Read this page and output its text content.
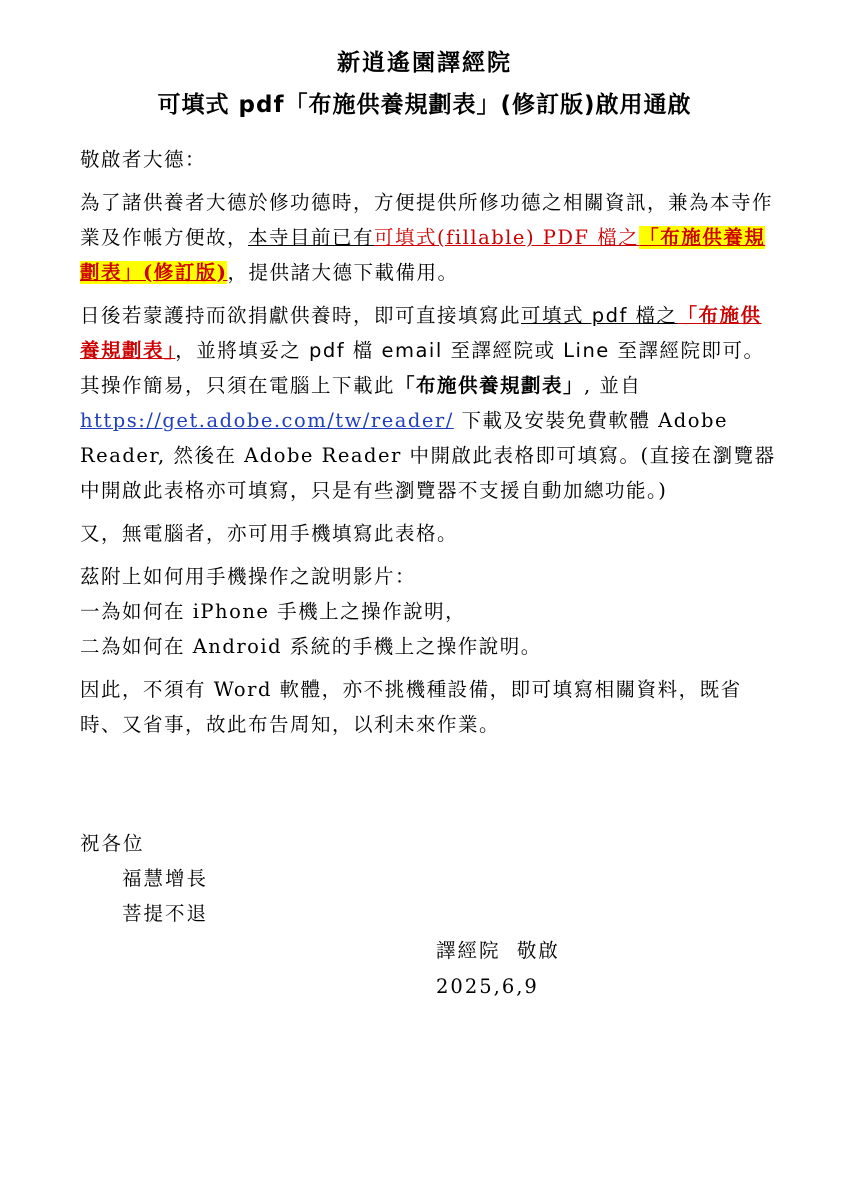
新逍遙園譯經院
可填式 pdf「布施供養規劃表」(修訂版)啟用通啟

敬啟者大德：

為了諸供養者大德於修功德時，方便提供所修功德之相關資訊，兼為本寺作業及作帳方便故，本寺目前已有可填式(fillable) PDF 檔之「布施供養規劃表」(修訂版)，提供諸大德下載備用。

日後若蒙護持而欲捐獻供養時，即可直接填寫此可填式 pdf 檔之「布施供養規劃表」，並將填妥之 pdf 檔 email 至譯經院或 Line 至譯經院即可。其操作簡易，只須在電腦上下載此「布施供養規劃表」, 並自 https://get.adobe.com/tw/reader/ 下載及安裝免費軟體 Adobe Reader, 然後在 Adobe Reader 中開啟此表格即可填寫。(直接在瀏覽器中開啟此表格亦可填寫，只是有些瀏覽器不支援自動加總功能。)

又，無電腦者，亦可用手機填寫此表格。

茲附上如何用手機操作之說明影片：
一為如何在 iPhone 手機上之操作說明，
二為如何在 Android 系統的手機上之操作說明。

因此，不須有 Word 軟體，亦不挑機種設備，即可填寫相關資料，既省時、又省事，故此布告周知，以利未來作業。

祝各位
福慧增長
菩提不退
譯經院  敬啟
2025,6,9
